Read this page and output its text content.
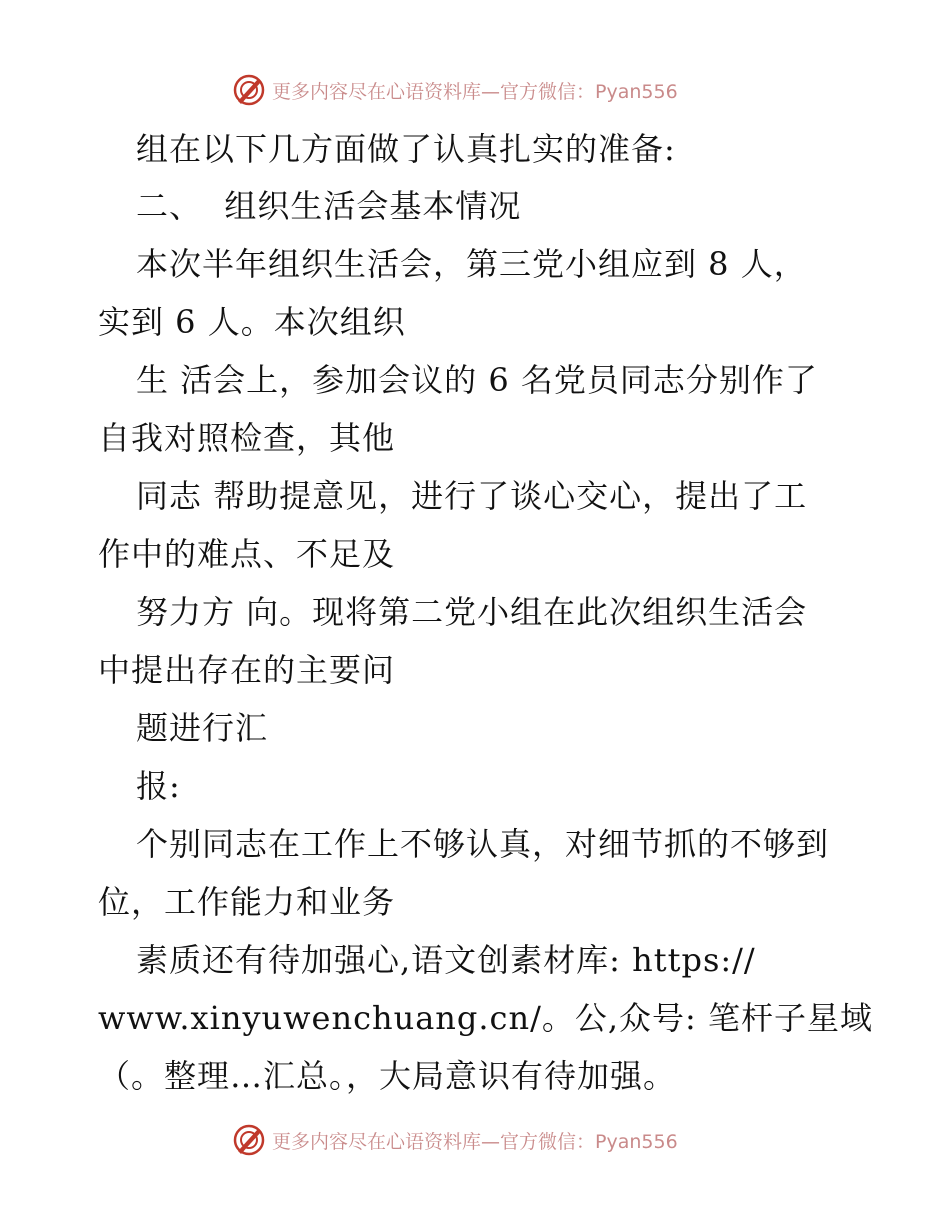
更多内容尽在心语资料库—官方微信：Pyan556
组在以下几方面做了认真扎实的准备:
二、  组织生活会基本情况
本次半年组织生活会，第三党小组应到 8 人，
实到 6 人。本次组织
生 活会上，参加会议的 6 名党员同志分别作了
自我对照检查，其他
同志 帮助提意见，进行了谈心交心，提出了工
作中的难点、不足及
努力方 向。现将第二党小组在此次组织生活会
中提出存在的主要问
题进行汇
报:
个别同志在工作上不够认真，对细节抓的不够到
位，工作能力和业务
素质还有待加强心,语文创素材库: https://
www.xinyuwenchuang.cn/。公,众号: 笔杆子星域
（。整理…汇总。，大局意识有待加强。
更多内容尽在心语资料库—官方微信：Pyan556
